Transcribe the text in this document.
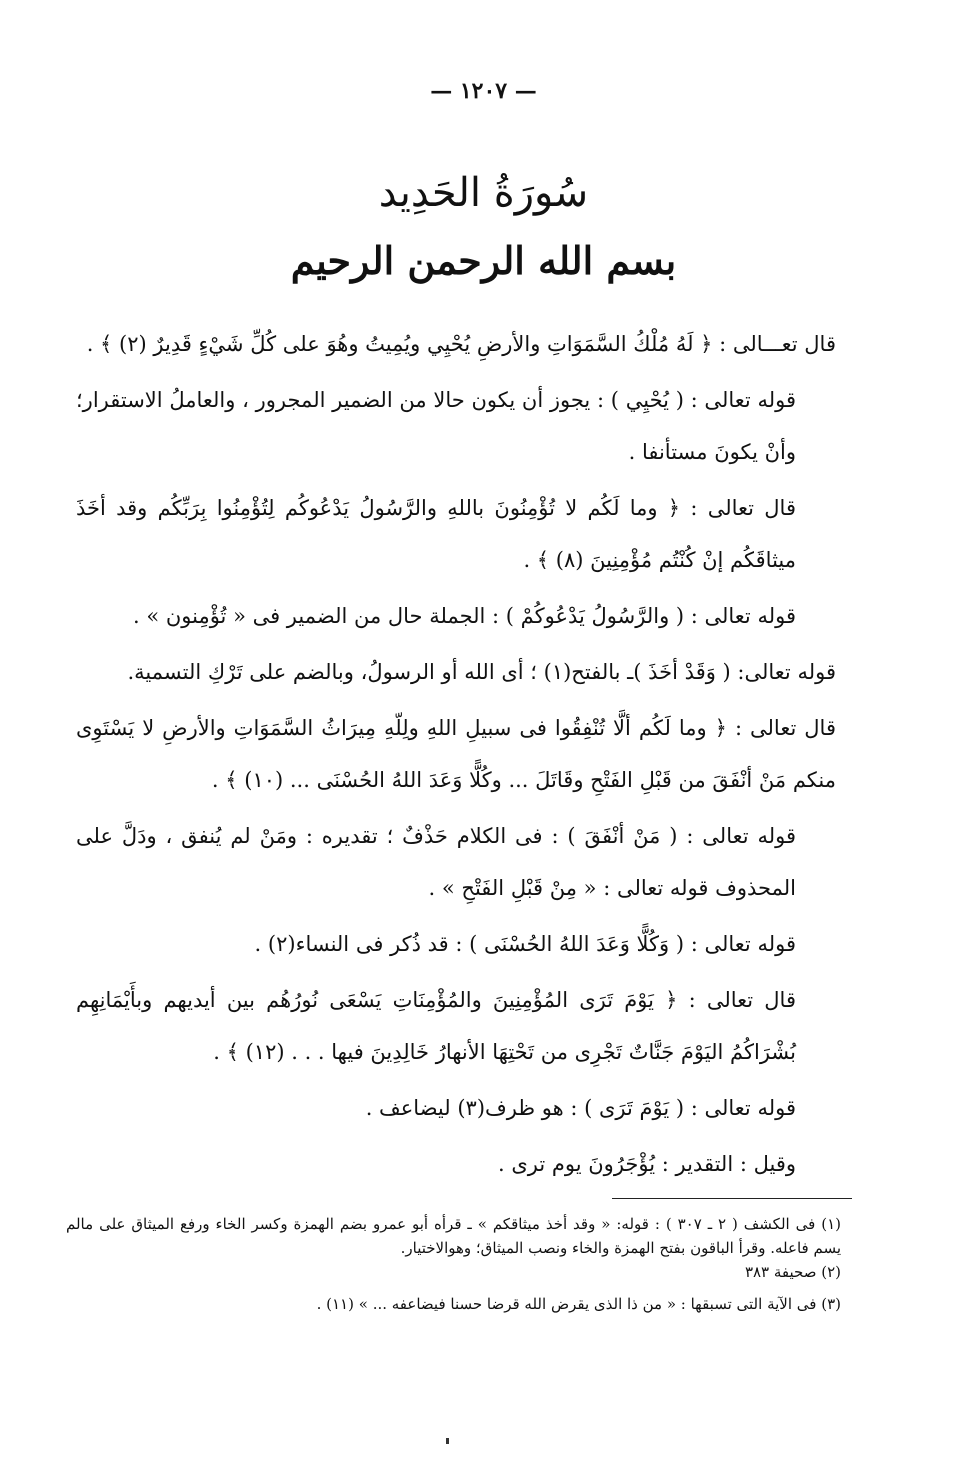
— ١٢٠٧ —
سُورَةُ الحَدِيد
بسم الله الرحمن الرحيم

قال تعـــالى : ﴿ لَهُ مُلْكُ السَّمَوَاتِ والأرضِ يُحْيِي ويُمِيتُ وهُوَ على كُلِّ شَيْءٍ قَدِيرٌ (٢) ﴾ .

قوله تعالى : ( يُحْيِي ) : يجوز أن يكون حالا من الضمير المجرور ، والعاملُ الاستقرار؛ وأنْ يكونَ مستأنفا .

قال تعالى : ﴿ وما لَكُم لا تُؤْمِنُونَ باللهِ والرَّسُولُ يَدْعُوكُم لِتُؤْمِنُوا بِرَبِّكُم وقد أخَذَ ميثاقَكُم إنْ كُنْتُم مُؤْمِنِينَ (٨) ﴾ .

قوله تعالى : ( والرَّسُولُ يَدْعُوكُمْ ) : الجملة حال من الضمير فى « تُؤْمِنون » .

قوله تعالى: ( وَقَدْ أخَذَ )ـ بالفتح(١) ؛ أى الله أو الرسولُ، وبالضم على تَرْكِ التسمية.

قال تعالى : ﴿ وما لَكُم ألَّا تُنْفِقُوا فى سبيلِ اللهِ ولِلّهِ مِيرَاثُ السَّمَوَاتِ والأرضِ لا يَسْتَوِى منكم مَنْ أنْفَقَ من قَبْلِ الفَتْحِ وقَاتَلَ ... وكُلًّا وَعَدَ اللهُ الحُسْنَى ... (١٠) ﴾ .

قوله تعالى : ( مَنْ أنْفَقَ ) : فى الكلام حَذْفٌ ؛ تقديره : ومَنْ لم يُنفق ، ودَلَّ على المحذوف قوله تعالى : « مِنْ قَبْلِ الفَتْحِ » .

قوله تعالى : ( وَكُلًّا وَعَدَ اللهُ الحُسْنَى ) : قد ذُكر فى النساء(٢) .

قال تعالى : ﴿ يَوْمَ تَرَى المُؤْمِنِينَ والمُؤْمِنَاتِ يَسْعَى نُورُهُم بين أيديهم وبأَيْمَانِهِم بُشْرَاكُمُ اليَوْمَ جَنَّاتٌ تَجْرِى من تَحْتِهَا الأنهارُ خَالِدِينَ فيها . . . (١٢) ﴾ .

قوله تعالى : ( يَوْمَ تَرَى ) : هو ظرف(٣) ليضاعف .

وقيل : التقدير : يُؤْجَرُونَ يوم ترى .

(١) فى الكشف ( ٢ ـ ٣٠٧ ) : قوله: « وقد أخذ ميثاقكم » ـ قرأه أبو عمرو بضم الهمزة وكسر الخاء ورفع الميثاق على مالم يسم فاعله. وقرأ الباقون بفتح الهمزة والخاء ونصب الميثاق؛ وهوالاختيار.

(٢) صحيفة ٣٨٣

(٣) فى الآية التى تسبقها : « من ذا الذى يقرض الله قرضا حسنا فيضاعفه ... » (١١) .
